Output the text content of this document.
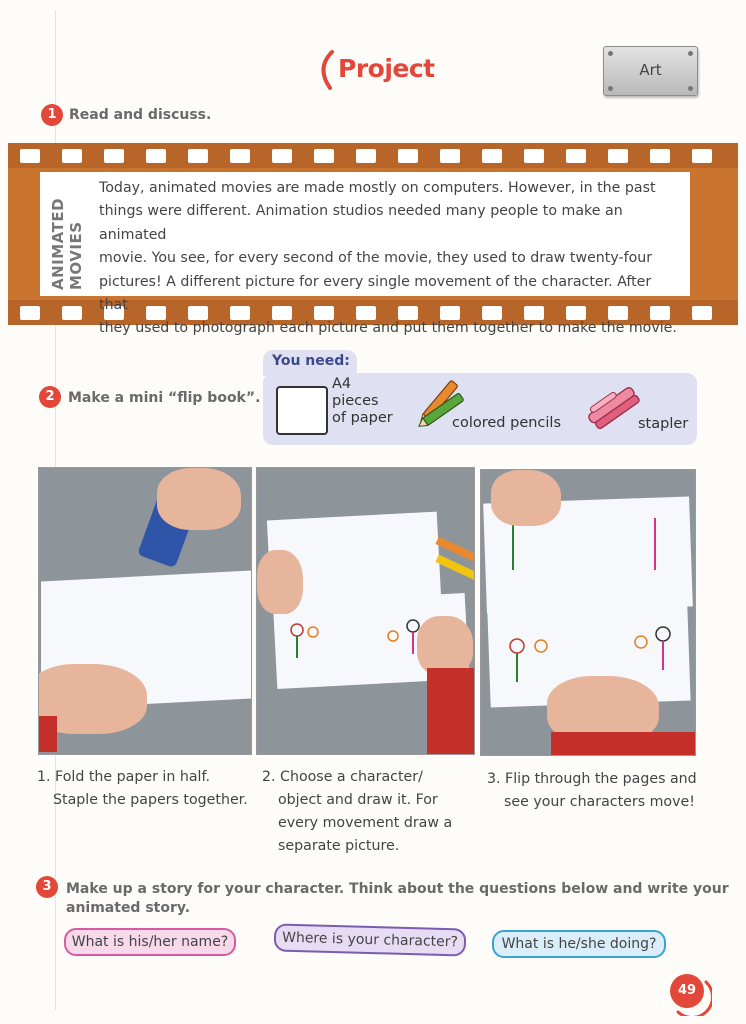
Project	Art
1 Read and discuss.
ANIMATED MOVIES
Today, animated movies are made mostly on computers. However, in the past
things were different. Animation studios needed many people to make an animated
movie. You see, for every second of the movie, they used to draw twenty-four
pictures! A different picture for every single movement of the character. After that
they used to photograph each picture and put them together to make the movie.
2 Make a mini “flip book”.
You need:
A4
pieces
of paper	colored pencils	stapler
1. Fold the paper in half.
Staple the papers together.
2. Choose a character/
object and draw it. For
every movement draw a
separate picture.
3. Flip through the pages and
see your characters move!
3	Make up a story for your character. Think about the questions below and write your
animated story.
What is his/her name?	Where is your character?	What is he/she doing?
49
